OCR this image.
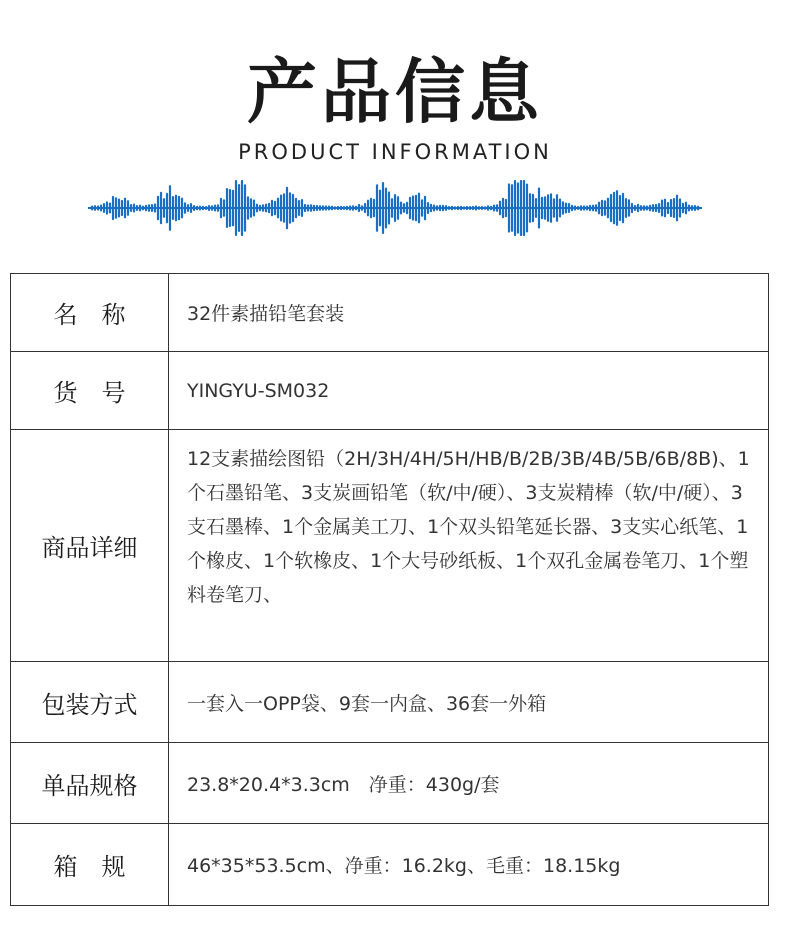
产品信息
PRODUCT INFORMATION
名　称	32件素描铅笔套装
货　号	YINGYU-SM032
商品详细	12支素描绘图铅（2H/3H/4H/5H/HB/B/2B/3B/4B/5B/6B/8B)、1个石墨铅笔、3支炭画铅笔（软/中/硬）、3支炭精棒（软/中/硬）、3支石墨棒、1个金属美工刀、1个双头铅笔延长器、3支实心纸笔、1个橡皮、1个软橡皮、1个大号砂纸板、1个双孔金属卷笔刀、1个塑料卷笔刀、
包装方式	一套入一OPP袋、9套一内盒、36套一外箱
单品规格	23.8*20.4*3.3cm　净重：430g/套
箱　规	46*35*53.5cm、净重：16.2kg、毛重：18.15kg
